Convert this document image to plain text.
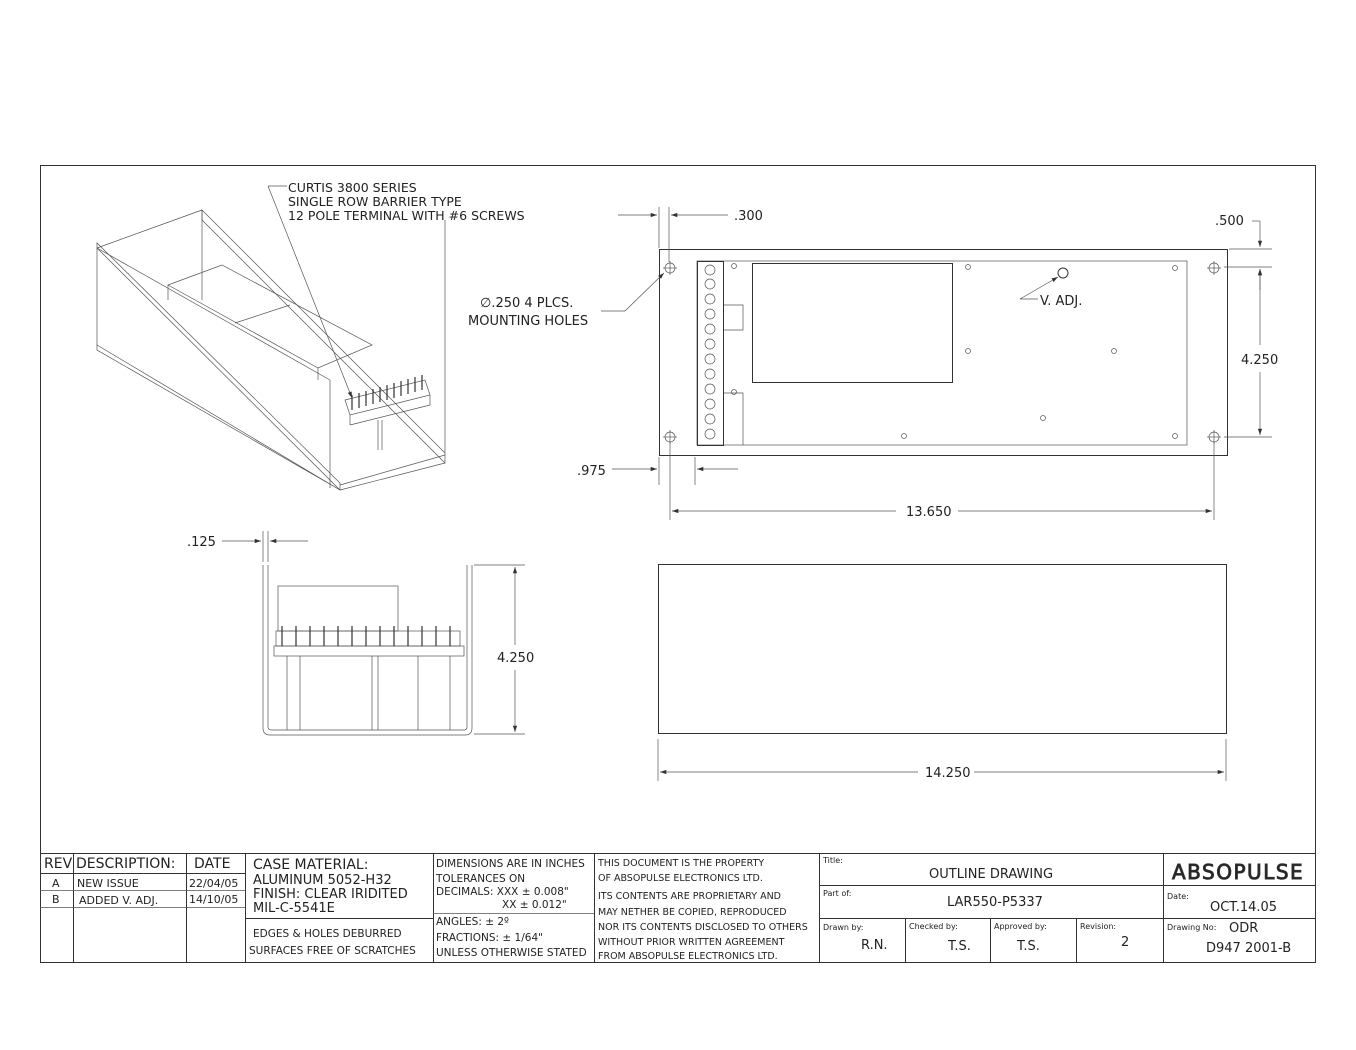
CURTIS 3800 SERIES
SINGLE ROW BARRIER TYPE
12 POLE TERMINAL WITH #6 SCREWS
∅.250 4 PLCS.
MOUNTING HOLES
V. ADJ.
.300	.500
4.250
.975
13.650
.125
4.250
14.250
REV DESCRIPTION: DATE
A NEW ISSUE	22/04/05
B ADDED V. ADJ.	14/10/05
CASE MATERIAL:
ALUMINUM 5052-H32
FINISH: CLEAR IRIDITED
MIL-C-5541E
EDGES & HOLES DEBURRED
SURFACES FREE OF SCRATCHES
DIMENSIONS ARE IN INCHES
TOLERANCES ON
DECIMALS: XXX ± 0.008"
XX ± 0.012"
ANGLES: ± 2º
FRACTIONS: ± 1/64"
UNLESS OTHERWISE STATED
THIS DOCUMENT IS THE PROPERTY
OF ABSOPULSE ELECTRONICS LTD.
ITS CONTENTS ARE PROPRIETARY AND
MAY NETHER BE COPIED, REPRODUCED
NOR ITS CONTENTS DISCLOSED TO OTHERS
WITHOUT PRIOR WRITTEN AGREEMENT
FROM ABSOPULSE ELECTRONICS LTD.
Title:
OUTLINE DRAWING
Part of:
LAR550-P5337
Drawn by:
R.N.
Checked by:
T.S.
Approved by:
T.S.
Revision:
2
ABSOPULSE
Date:
OCT.14.05
Drawing No: ODR
D947 2001-B
